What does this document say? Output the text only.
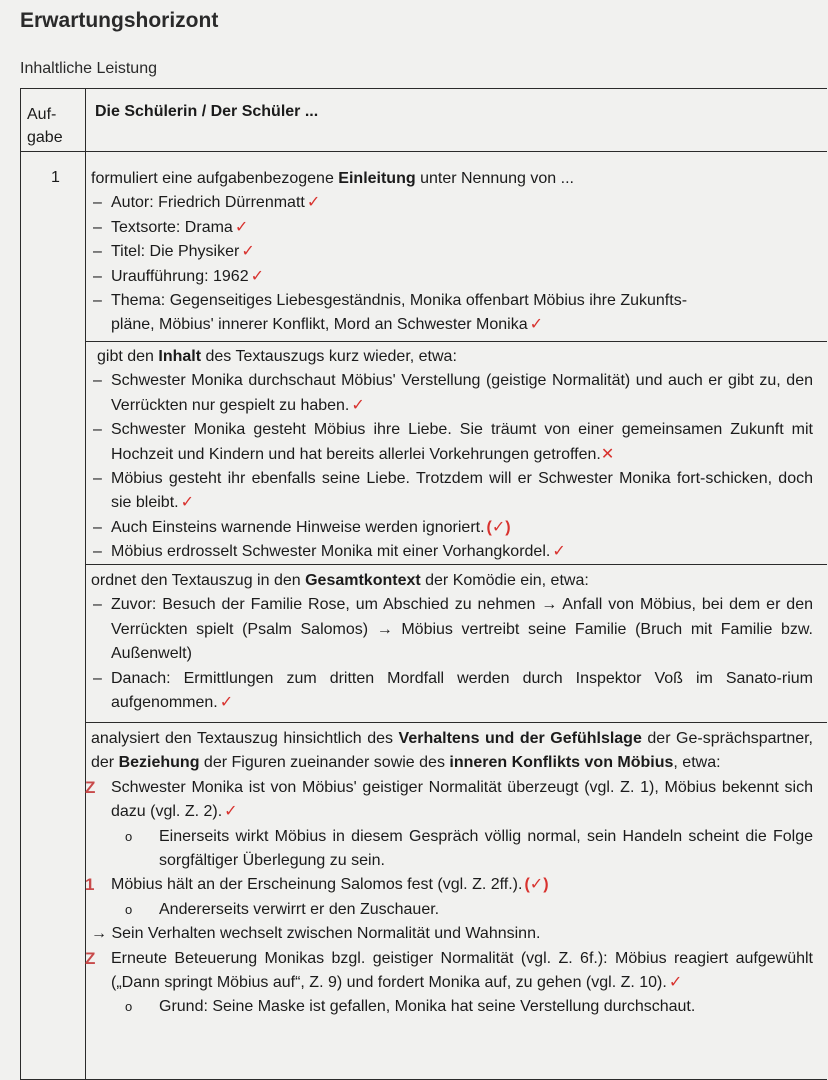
Erwartungshorizont
Inhaltliche Leistung
Auf-
gabe
Die Schülerin / Der Schüler ...
1 formuliert eine aufgabenbezogene Einleitung unter Nennung von ...

– Autor: Friedrich Dürrenmatt ✓
– Textsorte: Drama ✓
– Titel: Die Physiker ✓
– Uraufführung: 1962 ✓
– Thema: Gegenseitiges Liebesgeständnis, Monika offenbart Möbius ihre Zukunfts-
pläne, Möbius' innerer Konflikt, Mord an Schwester Monika ✓

gibt den Inhalt des Textauszugs kurz wieder, etwa:

– Schwester Monika durchschaut Möbius' Verstellung (geistige Normalität) und auch er gibt zu, den Verrückten nur gespielt zu haben. ✓
– Schwester Monika gesteht Möbius ihre Liebe. Sie träumt von einer gemeinsamen Zukunft mit Hochzeit und Kindern und hat bereits allerlei Vorkehrungen getroffen.✕
– Möbius gesteht ihr ebenfalls seine Liebe. Trotzdem will er Schwester Monika fort-schicken, doch sie bleibt. ✓
– Auch Einsteins warnende Hinweise werden ignoriert. (✓)
– Möbius erdrosselt Schwester Monika mit einer Vorhangkordel. ✓

ordnet den Textauszug in den Gesamtkontext der Komödie ein, etwa:

– Zuvor: Besuch der Familie Rose, um Abschied zu nehmen → Anfall von Möbius, bei dem er den Verrückten spielt (Psalm Salomos) → Möbius vertreibt seine Familie (Bruch mit Familie bzw. Außenwelt)
– Danach: Ermittlungen zum dritten Mordfall werden durch Inspektor Voß im Sanato-rium aufgenommen. ✓

analysiert den Textauszug hinsichtlich des Verhaltens und der Gefühlslage der Ge-sprächspartner, der Beziehung der Figuren zueinander sowie des inneren Konflikts von Möbius, etwa:

Z Schwester Monika ist von Möbius' geistiger Normalität überzeugt (vgl. Z. 1), Möbius bekennt sich dazu (vgl. Z. 2). ✓
o Einerseits wirkt Möbius in diesem Gespräch völlig normal, sein Handeln scheint die Folge sorgfältiger Überlegung zu sein.
1 Möbius hält an der Erscheinung Salomos fest (vgl. Z. 2ff.). (✓)
o Andererseits verwirrt er den Zuschauer.
→ Sein Verhalten wechselt zwischen Normalität und Wahnsinn.
Z Erneute Beteuerung Monikas bzgl. geistiger Normalität (vgl. Z. 6f.): Möbius reagiert aufgewühlt („Dann springt Möbius auf“, Z. 9) und fordert Monika auf, zu gehen (vgl. Z. 10). ✓
o Grund: Seine Maske ist gefallen, Monika hat seine Verstellung durchschaut.
